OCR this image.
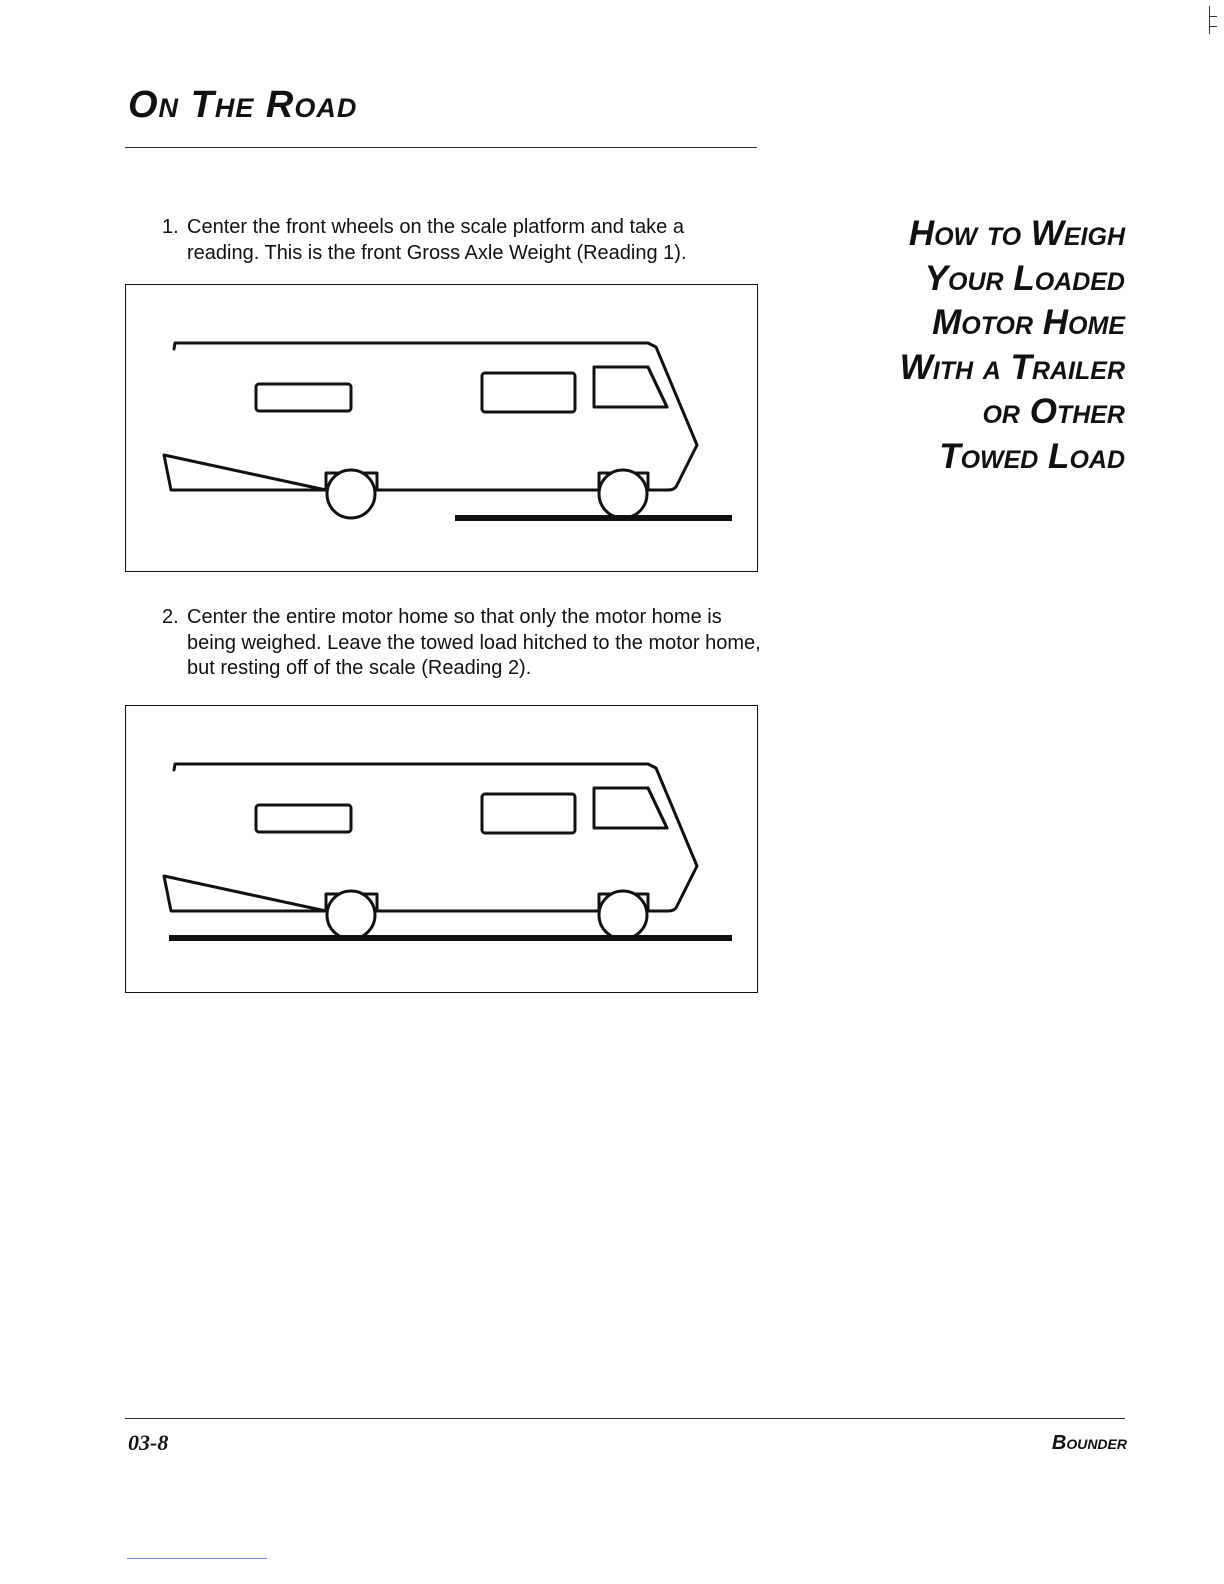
On The Road

1. Center the front wheels on the scale platform and take a reading. This is the front Gross Axle Weight (Reading 1).

2. Center the entire motor home so that only the motor home is being weighed. Leave the towed load hitched to the motor home, but resting off of the scale (Reading 2).

How to Weigh
Your Loaded
Motor Home
With a Trailer
or Other
Towed Load
03-8	Bounder
